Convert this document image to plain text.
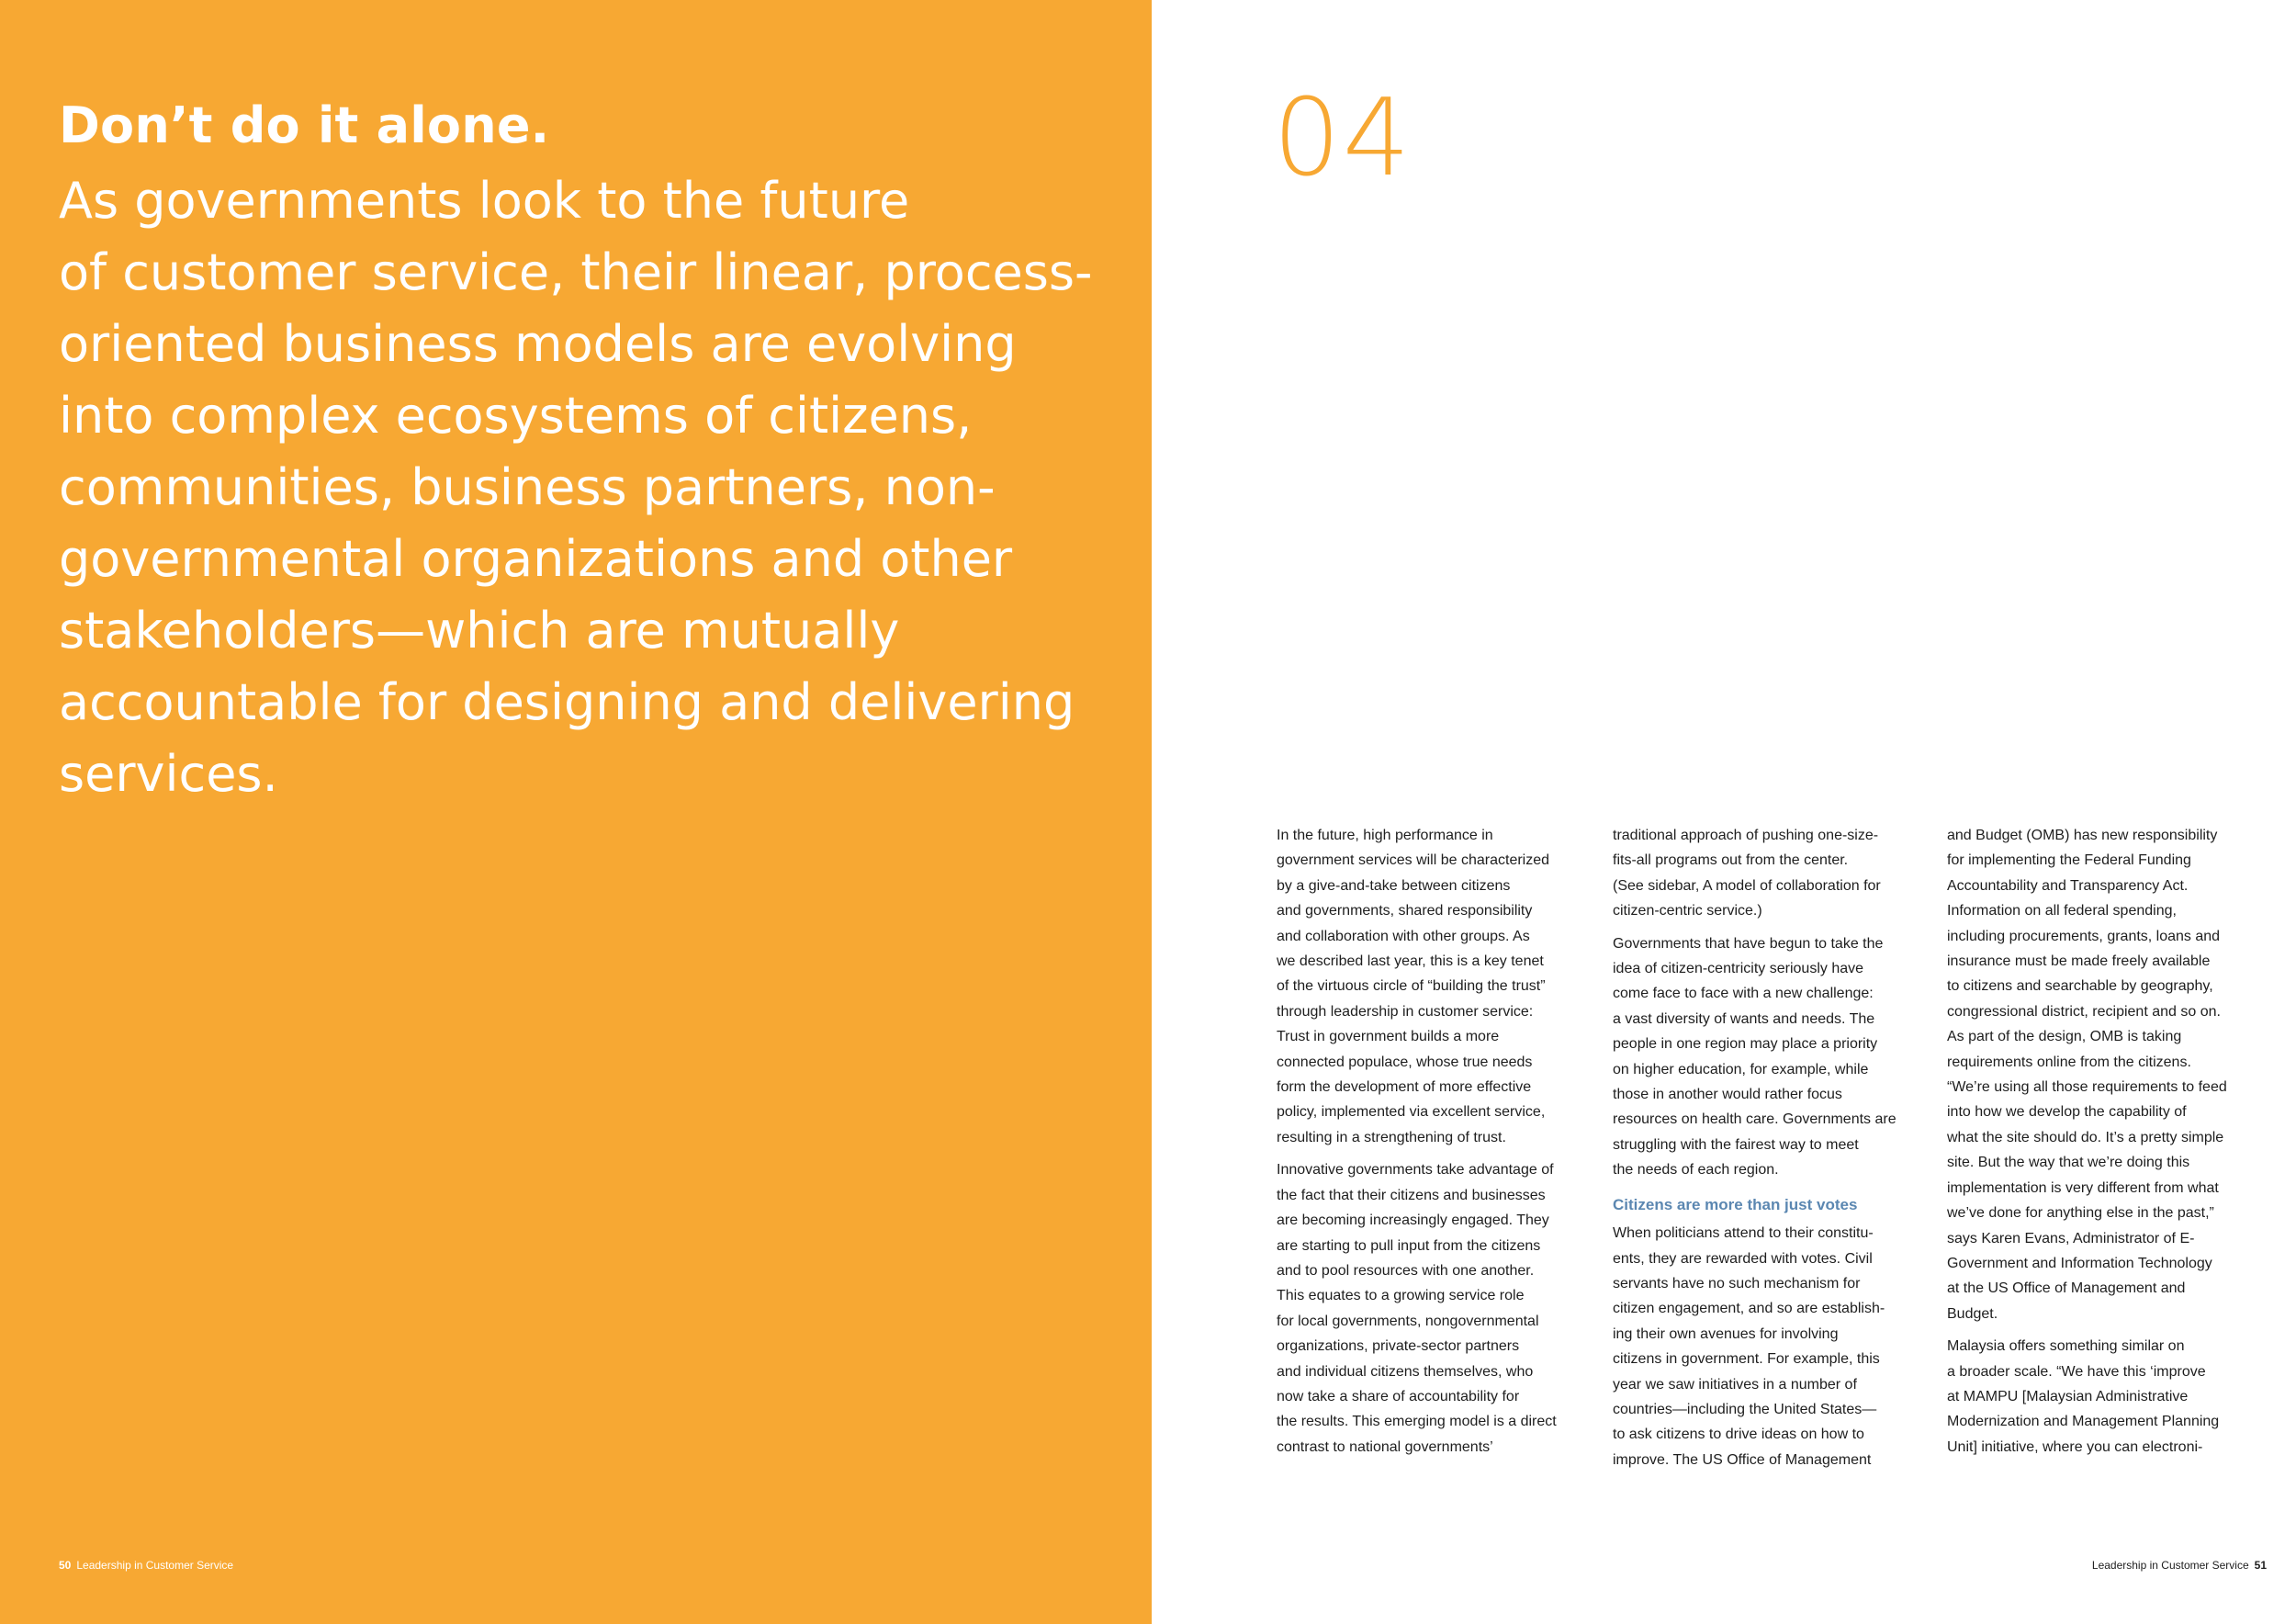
Don’t do it alone.

As governments look to the future
of customer service, their linear, process-
oriented business models are evolving
into complex ecosystems of citizens,
communities, business partners, non-
governmental organizations and other
stakeholders—which are mutually
accountable for designing and delivering
services.

50 Leadership in Customer Service
04

In the future, high performance in
government services will be characterized
by a give-and-take between citizens
and governments, shared responsibility
and collaboration with other groups. As
we described last year, this is a key tenet
of the virtuous circle of “building the trust”
through leadership in customer service:
Trust in government builds a more
connected populace, whose true needs
form the development of more effective
policy, implemented via excellent service,
resulting in a strengthening of trust.

Innovative governments take advantage of
the fact that their citizens and businesses
are becoming increasingly engaged. They
are starting to pull input from the citizens
and to pool resources with one another.
This equates to a growing service role
for local governments, nongovernmental
organizations, private-sector partners
and individual citizens themselves, who
now take a share of accountability for
the results. This emerging model is a direct
contrast to national governments’

traditional approach of pushing one-size-
fits-all programs out from the center.
(See sidebar, A model of collaboration for
citizen-centric service.)

Governments that have begun to take the
idea of citizen-centricity seriously have
come face to face with a new challenge:
a vast diversity of wants and needs. The
people in one region may place a priority
on higher education, for example, while
those in another would rather focus
resources on health care. Governments are
struggling with the fairest way to meet
the needs of each region.

Citizens are more than just votes

When politicians attend to their constitu-
ents, they are rewarded with votes. Civil
servants have no such mechanism for
citizen engagement, and so are establish-
ing their own avenues for involving
citizens in government. For example, this
year we saw initiatives in a number of
countries—including the United States—
to ask citizens to drive ideas on how to
improve. The US Office of Management

and Budget (OMB) has new responsibility
for implementing the Federal Funding
Accountability and Transparency Act.
Information on all federal spending,
including procurements, grants, loans and
insurance must be made freely available
to citizens and searchable by geography,
congressional district, recipient and so on.
As part of the design, OMB is taking
requirements online from the citizens.
“We’re using all those requirements to feed
into how we develop the capability of
what the site should do. It’s a pretty simple
site. But the way that we’re doing this
implementation is very different from what
we’ve done for anything else in the past,”
says Karen Evans, Administrator of E-
Government and Information Technology
at the US Office of Management and
Budget.

Malaysia offers something similar on
a broader scale. “We have this ‘improve
at MAMPU [Malaysian Administrative
Modernization and Management Planning
Unit] initiative, where you can electroni-

Leadership in Customer Service 51
